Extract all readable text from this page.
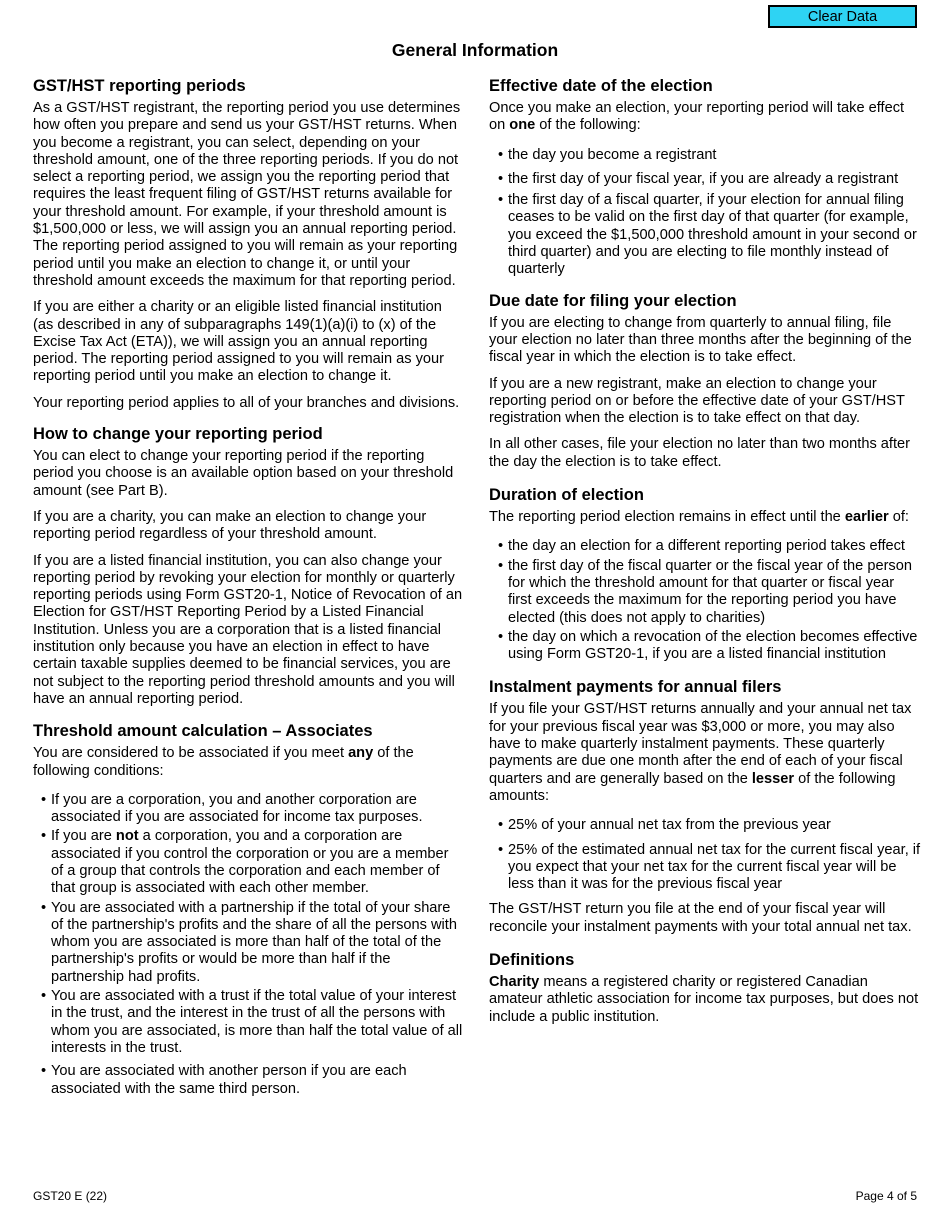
Clear Data
General Information
GST/HST reporting periods

As a GST/HST registrant, the reporting period you use determines how often you prepare and send us your GST/HST returns. When you become a registrant, you can select, depending on your threshold amount, one of the three reporting periods. If you do not select a reporting period, we assign you the reporting period that requires the least frequent filing of GST/HST returns available for your threshold amount. For example, if your threshold amount is $1,500,000 or less, we will assign you an annual reporting period. The reporting period assigned to you will remain as your reporting period until you make an election to change it, or until your threshold amount exceeds the maximum for that reporting period.

If you are either a charity or an eligible listed financial institution (as described in any of subparagraphs 149(1)(a)(i) to (x) of the Excise Tax Act (ETA)), we will assign you an annual reporting period. The reporting period assigned to you will remain as your reporting period until you make an election to change it.

Your reporting period applies to all of your branches and divisions.

How to change your reporting period

You can elect to change your reporting period if the reporting period you choose is an available option based on your threshold amount (see Part B).

If you are a charity, you can make an election to change your reporting period regardless of your threshold amount.

If you are a listed financial institution, you can also change your reporting period by revoking your election for monthly or quarterly reporting periods using Form GST20-1, Notice of Revocation of an Election for GST/HST Reporting Period by a Listed Financial Institution. Unless you are a corporation that is a listed financial institution only because you have an election in effect to have certain taxable supplies deemed to be financial services, you are not subject to the reporting period threshold amounts and you will have an annual reporting period.

Threshold amount calculation – Associates

You are considered to be associated if you meet any of the following conditions:

• If you are a corporation, you and another corporation are associated if you are associated for income tax purposes.
• If you are not a corporation, you and a corporation are associated if you control the corporation or you are a member of a group that controls the corporation and each member of that group is associated with each other member.
• You are associated with a partnership if the total of your share of the partnership's profits and the share of all the persons with whom you are associated is more than half of the total of the partnership's profits or would be more than half if the partnership had profits.
• You are associated with a trust if the total value of your interest in the trust, and the interest in the trust of all the persons with whom you are associated, is more than half the total value of all interests in the trust.
• You are associated with another person if you are each associated with the same third person.
Effective date of the election

Once you make an election, your reporting period will take effect on one of the following:

• the day you become a registrant
• the first day of your fiscal year, if you are already a registrant
• the first day of a fiscal quarter, if your election for annual filing ceases to be valid on the first day of that quarter (for example, you exceed the $1,500,000 threshold amount in your second or third quarter) and you are electing to file monthly instead of quarterly
Due date for filing your election

If you are electing to change from quarterly to annual filing, file your election no later than three months after the beginning of the fiscal year in which the election is to take effect.

If you are a new registrant, make an election to change your reporting period on or before the effective date of your GST/HST registration when the election is to take effect on that day.

In all other cases, file your election no later than two months after the day the election is to take effect.

Duration of election

The reporting period election remains in effect until the earlier of:

• the day an election for a different reporting period takes effect
• the first day of the fiscal quarter or the fiscal year of the person for which the threshold amount for that quarter or fiscal year first exceeds the maximum for the reporting period you have elected (this does not apply to charities)
• the day on which a revocation of the election becomes effective using Form GST20-1, if you are a listed financial institution
Instalment payments for annual filers

If you file your GST/HST returns annually and your annual net tax for your previous fiscal year was $3,000 or more, you may also have to make quarterly instalment payments. These quarterly payments are due one month after the end of each of your fiscal quarters and are generally based on the lesser of the following amounts:

• 25% of your annual net tax from the previous year
• 25% of the estimated annual net tax for the current fiscal year, if you expect that your net tax for the current fiscal year will be less than it was for the previous fiscal year

The GST/HST return you file at the end of your fiscal year will reconcile your instalment payments with your total annual net tax.

Definitions

Charity means a registered charity or registered Canadian amateur athletic association for income tax purposes, but does not include a public institution.

GST20 E (22)	Page 4 of 5
